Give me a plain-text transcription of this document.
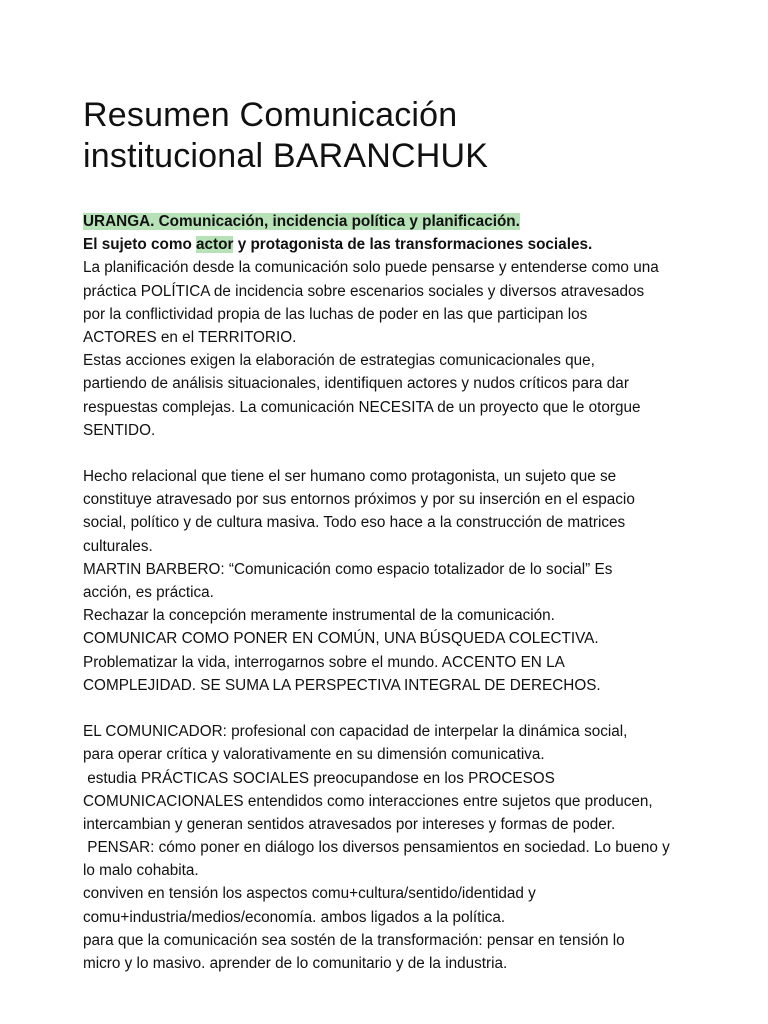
Resumen Comunicación
institucional BARANCHUK
URANGA. Comunicación, incidencia política y planificación.
El sujeto como actor y protagonista de las transformaciones sociales.
La planificación desde la comunicación solo puede pensarse y entenderse como una
práctica POLÍTICA de incidencia sobre escenarios sociales y diversos atravesados
por la conflictividad propia de las luchas de poder en las que participan los
ACTORES en el TERRITORIO.
Estas acciones exigen la elaboración de estrategias comunicacionales que,
partiendo de análisis situacionales, identifiquen actores y nudos críticos para dar
respuestas complejas. La comunicación NECESITA de un proyecto que le otorgue
SENTIDO.
Hecho relacional que tiene el ser humano como protagonista, un sujeto que se
constituye atravesado por sus entornos próximos y por su inserción en el espacio
social, político y de cultura masiva. Todo eso hace a la construcción de matrices
culturales.
MARTIN BARBERO: “Comunicación como espacio totalizador de lo social” Es
acción, es práctica.
Rechazar la concepción meramente instrumental de la comunicación.
COMUNICAR COMO PONER EN COMÚN, UNA BÚSQUEDA COLECTIVA.
Problematizar la vida, interrogarnos sobre el mundo. ACCENTO EN LA
COMPLEJIDAD. SE SUMA LA PERSPECTIVA INTEGRAL DE DERECHOS.
EL COMUNICADOR: profesional con capacidad de interpelar la dinámica social,
para operar crítica y valorativamente en su dimensión comunicativa.
estudia PRÁCTICAS SOCIALES preocupandose en los PROCESOS
COMUNICACIONALES entendidos como interacciones entre sujetos que producen,
intercambian y generan sentidos atravesados por intereses y formas de poder.
PENSAR: cómo poner en diálogo los diversos pensamientos en sociedad. Lo bueno y
lo malo cohabita.
conviven en tensión los aspectos comu+cultura/sentido/identidad y
comu+industria/medios/economía. ambos ligados a la política.
para que la comunicación sea sostén de la transformación: pensar en tensión lo
micro y lo masivo. aprender de lo comunitario y de la industria.
